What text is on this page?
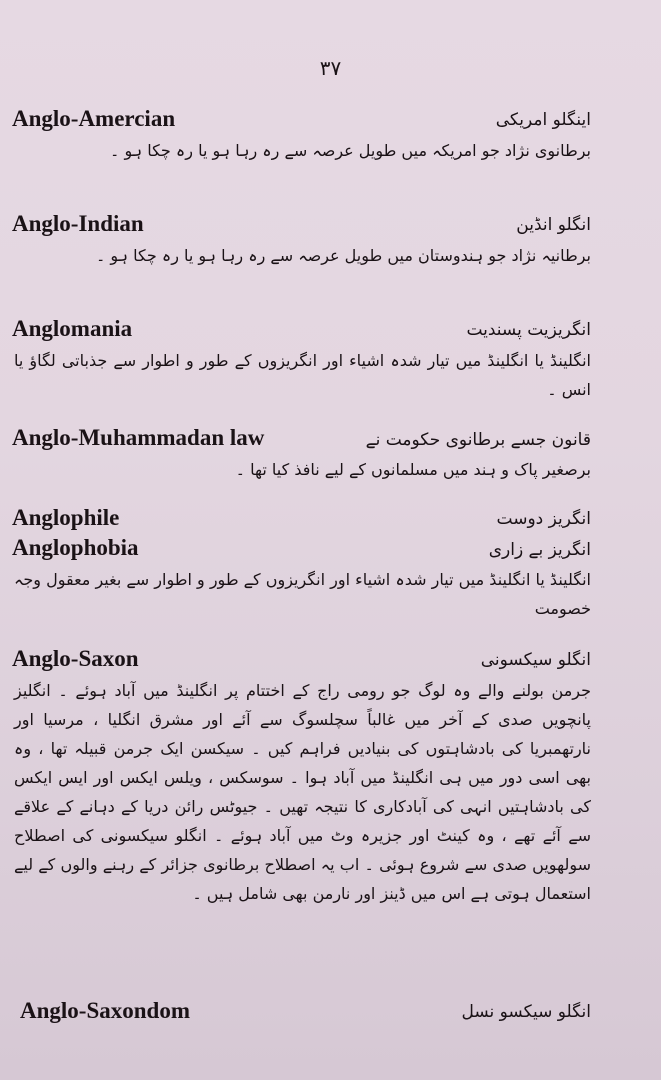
۳۷
Anglo-Amercian	اینگلو امریکی
برطانوی نژاد جو امریکہ میں طویل عرصہ سے رہ رہا ہو یا رہ چکا ہو ۔
Anglo-Indian	انگلو انڈین
برطانیہ نژاد جو ہندوستان میں طویل عرصہ سے رہ رہا ہو یا رہ چکا ہو ۔
Anglomania	انگریزیت پسندیت
انگلینڈ یا انگلینڈ میں تیار شدہ اشیاء اور انگریزوں کے طور و اطوار سے جذباتی لگاؤ یا انس ۔
Anglo-Muhammadan law	قانون جسے برطانوی حکومت نے
برصغیر پاک و ہند میں مسلمانوں کے لیے نافذ کیا تھا ۔
Anglophile	انگریز دوست
Anglophobia	انگریز بے زاری
انگلینڈ یا انگلینڈ میں تیار شدہ اشیاء اور انگریزوں کے طور و اطوار سے بغیر معقول وجہ خصومت
Anglo-Saxon	انگلو سیکسونی
جرمن بولنے والے وہ لوگ جو رومی راج کے اختتام پر انگلینڈ میں آباد ہوئے ۔ انگلیز پانچویں صدی کے آخر میں غالباً سچلسوگ سے آئے اور مشرق انگلیا ، مرسیا اور نارتھمبریا کی بادشاہتوں کی بنیادیں فراہم کیں ۔ سیکسن ایک جرمن قبیلہ تھا ، وہ بھی اسی دور میں ہی انگلینڈ میں آباد ہوا ۔ سوسکس ، ویلس ایکس اور ایس ایکس کی بادشاہتیں انہی کی آبادکاری کا نتیجہ تھیں ۔ جیوٹس رائن دریا کے دہانے کے علاقے سے آئے تھے ، وہ کینٹ اور جزیرہ وٹ میں آباد ہوئے ۔ انگلو سیکسونی کی اصطلاح سولھویں صدی سے شروع ہوئی ۔ اب یہ اصطلاح برطانوی جزائر کے رہنے والوں کے لیے استعمال ہوتی ہے اس میں ڈینز اور نارمن بھی شامل ہیں ۔
Anglo-Saxondom	انگلو سیکسو نسل
